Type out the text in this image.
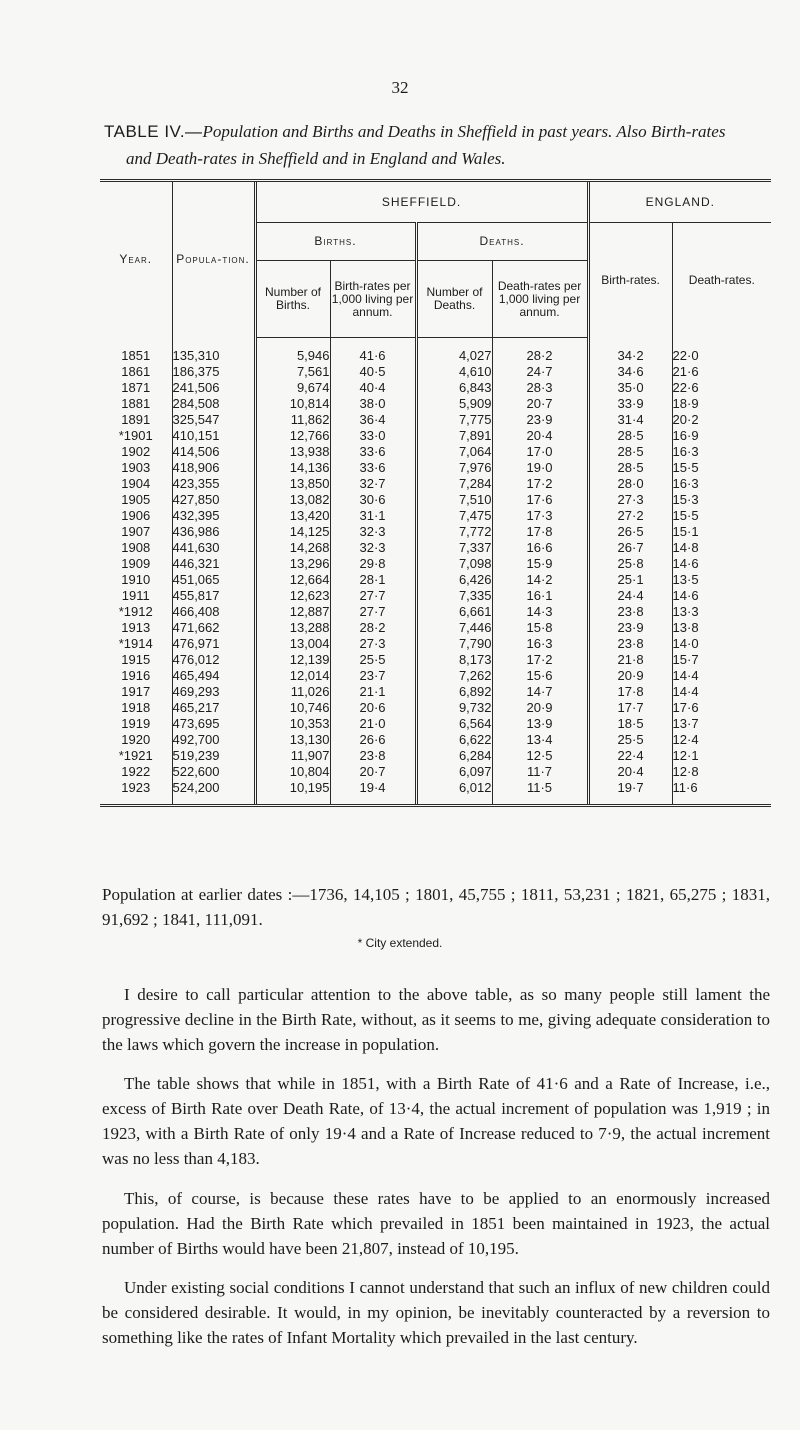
32
TABLE IV.—Population and Births and Deaths in Sheffield in past years. Also Birth-rates
and Death-rates in Sheffield and in England and Wales.
Year.	Popula-tion.	SHEFFIELD.				ENGLAND.	
		Births.		Deaths.		Birth-rates.	Death-rates.
		Number of Births.	Birth-rates per 1,000 living per annum.	Number of Deaths.	Death-rates per 1,000 living per annum.		
1851	135,310	5,946	41·6	4,027	28·2	34·2	22·0
1861	186,375	7,561	40·5	4,610	24·7	34·6	21·6
1871	241,506	9,674	40·4	6,843	28·3	35·0	22·6
1881	284,508	10,814	38·0	5,909	20·7	33·9	18·9
1891	325,547	11,862	36·4	7,775	23·9	31·4	20·2
*1901	410,151	12,766	33·0	7,891	20·4	28·5	16·9
1902	414,506	13,938	33·6	7,064	17·0	28·5	16·3
1903	418,906	14,136	33·6	7,976	19·0	28·5	15·5
1904	423,355	13,850	32·7	7,284	17·2	28·0	16·3
1905	427,850	13,082	30·6	7,510	17·6	27·3	15·3
1906	432,395	13,420	31·1	7,475	17·3	27·2	15·5
1907	436,986	14,125	32·3	7,772	17·8	26·5	15·1
1908	441,630	14,268	32·3	7,337	16·6	26·7	14·8
1909	446,321	13,296	29·8	7,098	15·9	25·8	14·6
1910	451,065	12,664	28·1	6,426	14·2	25·1	13·5
1911	455,817	12,623	27·7	7,335	16·1	24·4	14·6
*1912	466,408	12,887	27·7	6,661	14·3	23·8	13·3
1913	471,662	13,288	28·2	7,446	15·8	23·9	13·8
*1914	476,971	13,004	27·3	7,790	16·3	23·8	14·0
1915	476,012	12,139	25·5	8,173	17·2	21·8	15·7
1916	465,494	12,014	23·7	7,262	15·6	20·9	14·4
1917	469,293	11,026	21·1	6,892	14·7	17·8	14·4
1918	465,217	10,746	20·6	9,732	20·9	17·7	17·6
1919	473,695	10,353	21·0	6,564	13·9	18·5	13·7
1920	492,700	13,130	26·6	6,622	13·4	25·5	12·4
*1921	519,239	11,907	23·8	6,284	12·5	22·4	12·1
1922	522,600	10,804	20·7	6,097	11·7	20·4	12·8
1923	524,200	10,195	19·4	6,012	11·5	19·7	11·6
Population at earlier dates :—1736, 14,105 ; 1801, 45,755 ; 1811, 53,231 ; 1821, 65,275 ; 1831, 91,692 ; 1841, 111,091.
* City extended.

I desire to call particular attention to the above table, as so many people still lament the progressive decline in the Birth Rate, without, as it seems to me, giving adequate consideration to the laws which govern the increase in population.

The table shows that while in 1851, with a Birth Rate of 41·6 and a Rate of Increase, i.e., excess of Birth Rate over Death Rate, of 13·4, the actual increment of population was 1,919 ; in 1923, with a Birth Rate of only 19·4 and a Rate of Increase reduced to 7·9, the actual increment was no less than 4,183.

This, of course, is because these rates have to be applied to an enormously increased population. Had the Birth Rate which prevailed in 1851 been maintained in 1923, the actual number of Births would have been 21,807, instead of 10,195.

Under existing social conditions I cannot understand that such an influx of new children could be considered desirable. It would, in my opinion, be inevitably counteracted by a reversion to something like the rates of Infant Mortality which prevailed in the last century.
